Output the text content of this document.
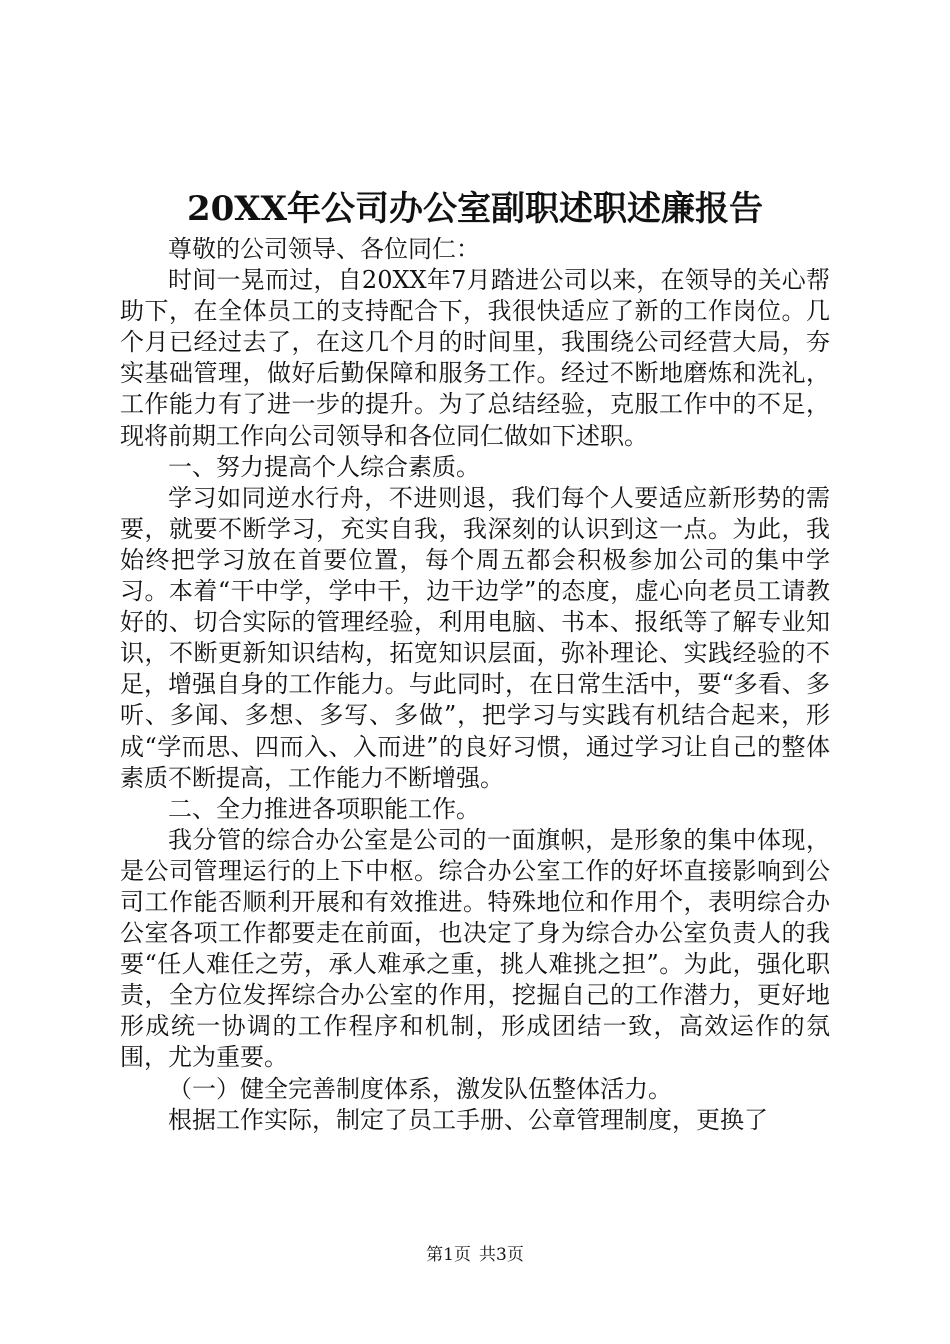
20XX年公司办公室副职述职述廉报告

尊敬的公司领导、各位同仁：

时间一晃而过，自20XX年7月踏进公司以来，在领导的关心帮助下，在全体员工的支持配合下，我很快适应了新的工作岗位。几个月已经过去了，在这几个月的时间里，我围绕公司经营大局，夯实基础管理，做好后勤保障和服务工作。经过不断地磨炼和洗礼，工作能力有了进一步的提升。为了总结经验，克服工作中的不足，现将前期工作向公司领导和各位同仁做如下述职。

一、努力提高个人综合素质。

学习如同逆水行舟，不进则退，我们每个人要适应新形势的需要，就要不断学习，充实自我，我深刻的认识到这一点。为此，我始终把学习放在首要位置，每个周五都会积极参加公司的集中学习。本着“干中学，学中干，边干边学”的态度，虚心向老员工请教好的、切合实际的管理经验，利用电脑、书本、报纸等了解专业知识，不断更新知识结构，拓宽知识层面，弥补理论、实践经验的不足，增强自身的工作能力。与此同时，在日常生活中，要“多看、多听、多闻、多想、多写、多做”，把学习与实践有机结合起来，形成“学而思、四而入、入而进”的良好习惯，通过学习让自己的整体素质不断提高，工作能力不断增强。

二、全力推进各项职能工作。

我分管的综合办公室是公司的一面旗帜，是形象的集中体现，是公司管理运行的上下中枢。综合办公室工作的好坏直接影响到公司工作能否顺利开展和有效推进。特殊地位和作用个，表明综合办公室各项工作都要走在前面，也决定了身为综合办公室负责人的我要“任人难任之劳，承人难承之重，挑人难挑之担”。为此，强化职责，全方位发挥综合办公室的作用，挖掘自己的工作潜力，更好地形成统一协调的工作程序和机制，形成团结一致，高效运作的氛围，尤为重要。

（一）健全完善制度体系，激发队伍整体活力。

根据工作实际，制定了员工手册、公章管理制度，更换了

第1页 共3页
